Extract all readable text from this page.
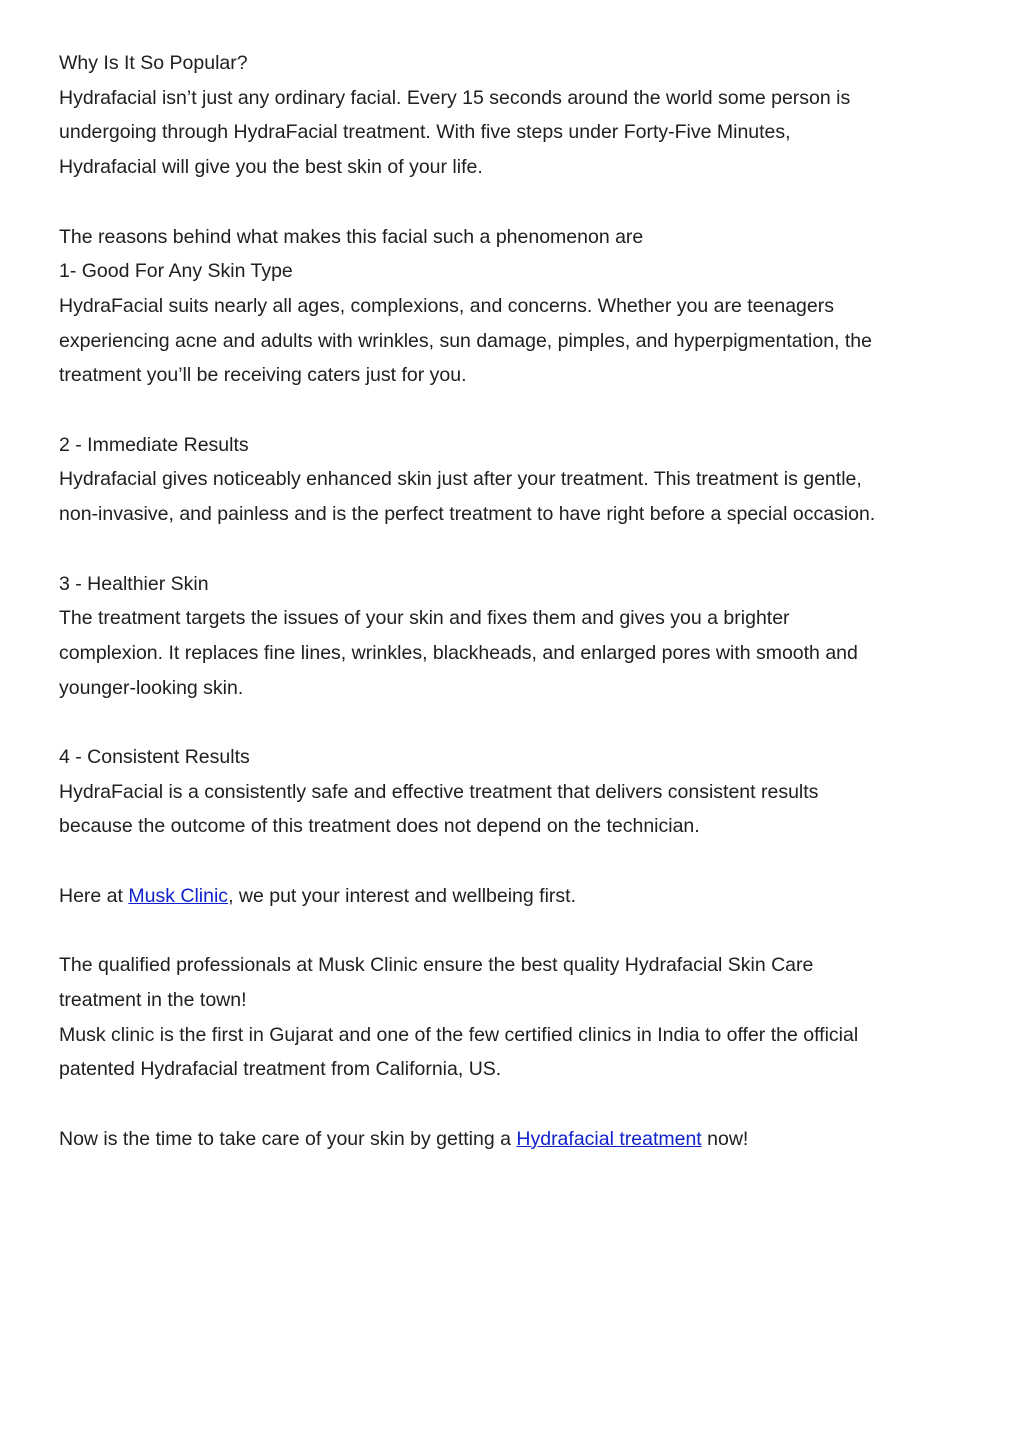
Why Is It So Popular?
Hydrafacial isn’t just any ordinary facial. Every 15 seconds around the world some person is
undergoing through HydraFacial treatment. With five steps under Forty-Five Minutes,
Hydrafacial will give you the best skin of your life.
The reasons behind what makes this facial such a phenomenon are
1- Good For Any Skin Type
HydraFacial suits nearly all ages, complexions, and concerns. Whether you are teenagers
experiencing acne and adults with wrinkles, sun damage, pimples, and hyperpigmentation, the
treatment you’ll be receiving caters just for you.
2 - Immediate Results
Hydrafacial gives noticeably enhanced skin just after your treatment. This treatment is gentle,
non-invasive, and painless and is the perfect treatment to have right before a special occasion.
3 - Healthier Skin
The treatment targets the issues of your skin and fixes them and gives you a brighter
complexion. It replaces fine lines, wrinkles, blackheads, and enlarged pores with smooth and
younger-looking skin.
4 - Consistent Results
HydraFacial is a consistently safe and effective treatment that delivers consistent results
because the outcome of this treatment does not depend on the technician.
Here at Musk Clinic, we put your interest and wellbeing first.
The qualified professionals at Musk Clinic ensure the best quality Hydrafacial Skin Care
treatment in the town!
Musk clinic is the first in Gujarat and one of the few certified clinics in India to offer the official
patented Hydrafacial treatment from California, US.
Now is the time to take care of your skin by getting a Hydrafacial treatment now!
